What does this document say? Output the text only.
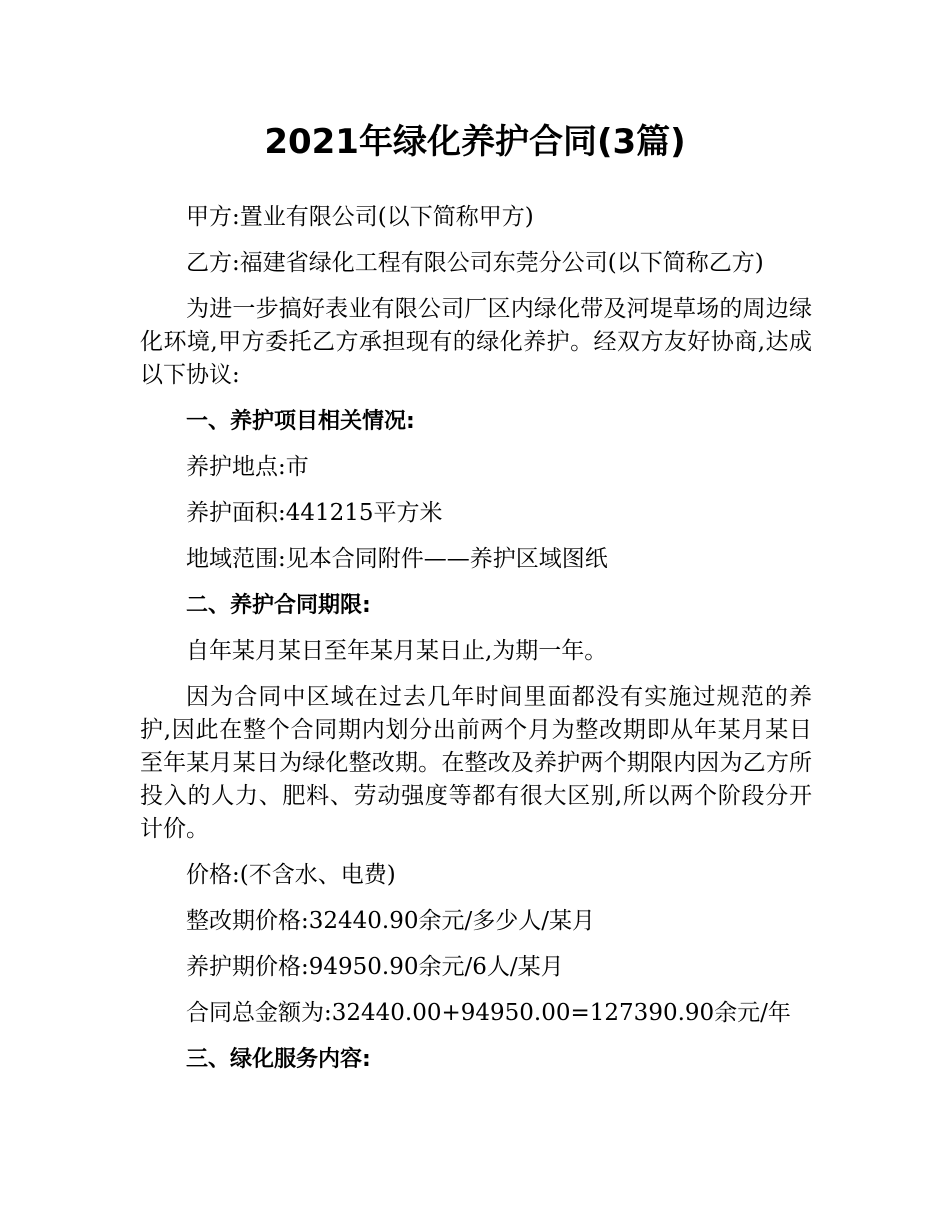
2021年绿化养护合同(3篇)

甲方:置业有限公司(以下简称甲方)

乙方:福建省绿化工程有限公司东莞分公司(以下简称乙方)

为进一步搞好表业有限公司厂区内绿化带及河堤草场的周边绿化环境,甲方委托乙方承担现有的绿化养护。经双方友好协商,达成以下协议:

一、养护项目相关情况:

养护地点:市

养护面积:441215平方米

地域范围:见本合同附件——养护区域图纸

二、养护合同期限:

自年某月某日至年某月某日止,为期一年。

因为合同中区域在过去几年时间里面都没有实施过规范的养护,因此在整个合同期内划分出前两个月为整改期即从年某月某日至年某月某日为绿化整改期。在整改及养护两个期限内因为乙方所投入的人力、肥料、劳动强度等都有很大区别,所以两个阶段分开计价。

价格:(不含水、电费)

整改期价格:32440.90余元/多少人/某月

养护期价格:94950.90余元/6人/某月

合同总金额为:32440.00+94950.00=127390.90余元/年

三、绿化服务内容:
